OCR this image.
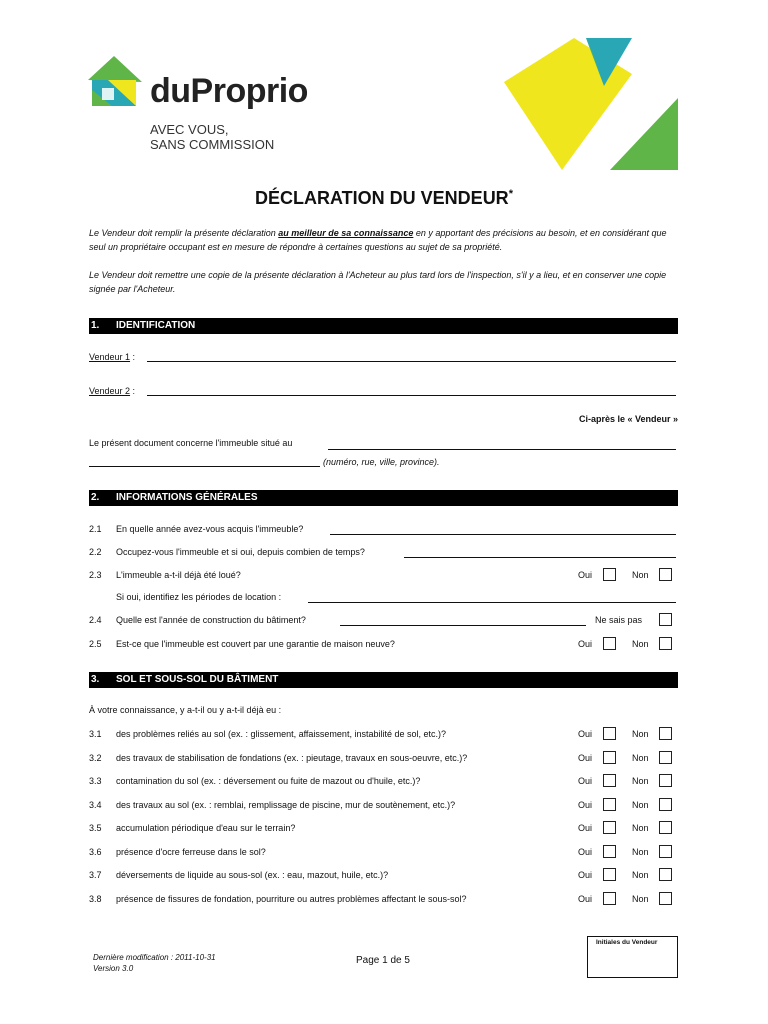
duProprio
AVEC VOUS,
SANS COMMISSION
DÉCLARATION DU VENDEUR*
Le Vendeur doit remplir la présente déclaration au meilleur de sa connaissance en y apportant des précisions au besoin, et en considérant que seul un propriétaire occupant est en mesure de répondre à certaines questions au sujet de sa propriété.
Le Vendeur doit remettre une copie de la présente déclaration à l'Acheteur au plus tard lors de l'inspection, s'il y a lieu, et en conserver une copie signée par l'Acheteur.
1. IDENTIFICATION
Vendeur 1 :
Vendeur 2 :
Ci-après le « Vendeur »
Le présent document concerne l'immeuble situé au
(numéro, rue, ville, province).
2. INFORMATIONS GÉNÉRALES
2.1 En quelle année avez-vous acquis l'immeuble?
2.2 Occupez-vous l'immeuble et si oui, depuis combien de temps?
2.3 L'immeuble a-t-il déjà été loué?	Oui	Non
Si oui, identifiez les périodes de location :
2.4 Quelle est l'année de construction du bâtiment?	Ne sais pas
2.5 Est-ce que l'immeuble est couvert par une garantie de maison neuve?	Oui	Non
3. SOL ET SOUS-SOL DU BÂTIMENT
À votre connaissance, y a-t-il ou y a-t-il déjà eu :
3.1 des problèmes reliés au sol (ex. : glissement, affaissement, instabilité de sol, etc.)?	Oui	Non
3.2 des travaux de stabilisation de fondations (ex. : pieutage, travaux en sous-oeuvre, etc.)?	Oui	Non
3.3 contamination du sol (ex. : déversement ou fuite de mazout ou d'huile, etc.)?	Oui	Non
3.4 des travaux au sol (ex. : remblai, remplissage de piscine, mur de soutènement, etc.)?	Oui	Non
3.5 accumulation périodique d'eau sur le terrain?	Oui	Non
3.6 présence d'ocre ferreuse dans le sol?	Oui	Non
3.7 déversements de liquide au sous-sol (ex. : eau, mazout, huile, etc.)?	Oui	Non
3.8 présence de fissures de fondation, pourriture ou autres problèmes affectant le sous-sol?	Oui	Non
Dernière modification : 2011-10-31
Version 3.0
Page 1 de 5
Initiales du Vendeur
